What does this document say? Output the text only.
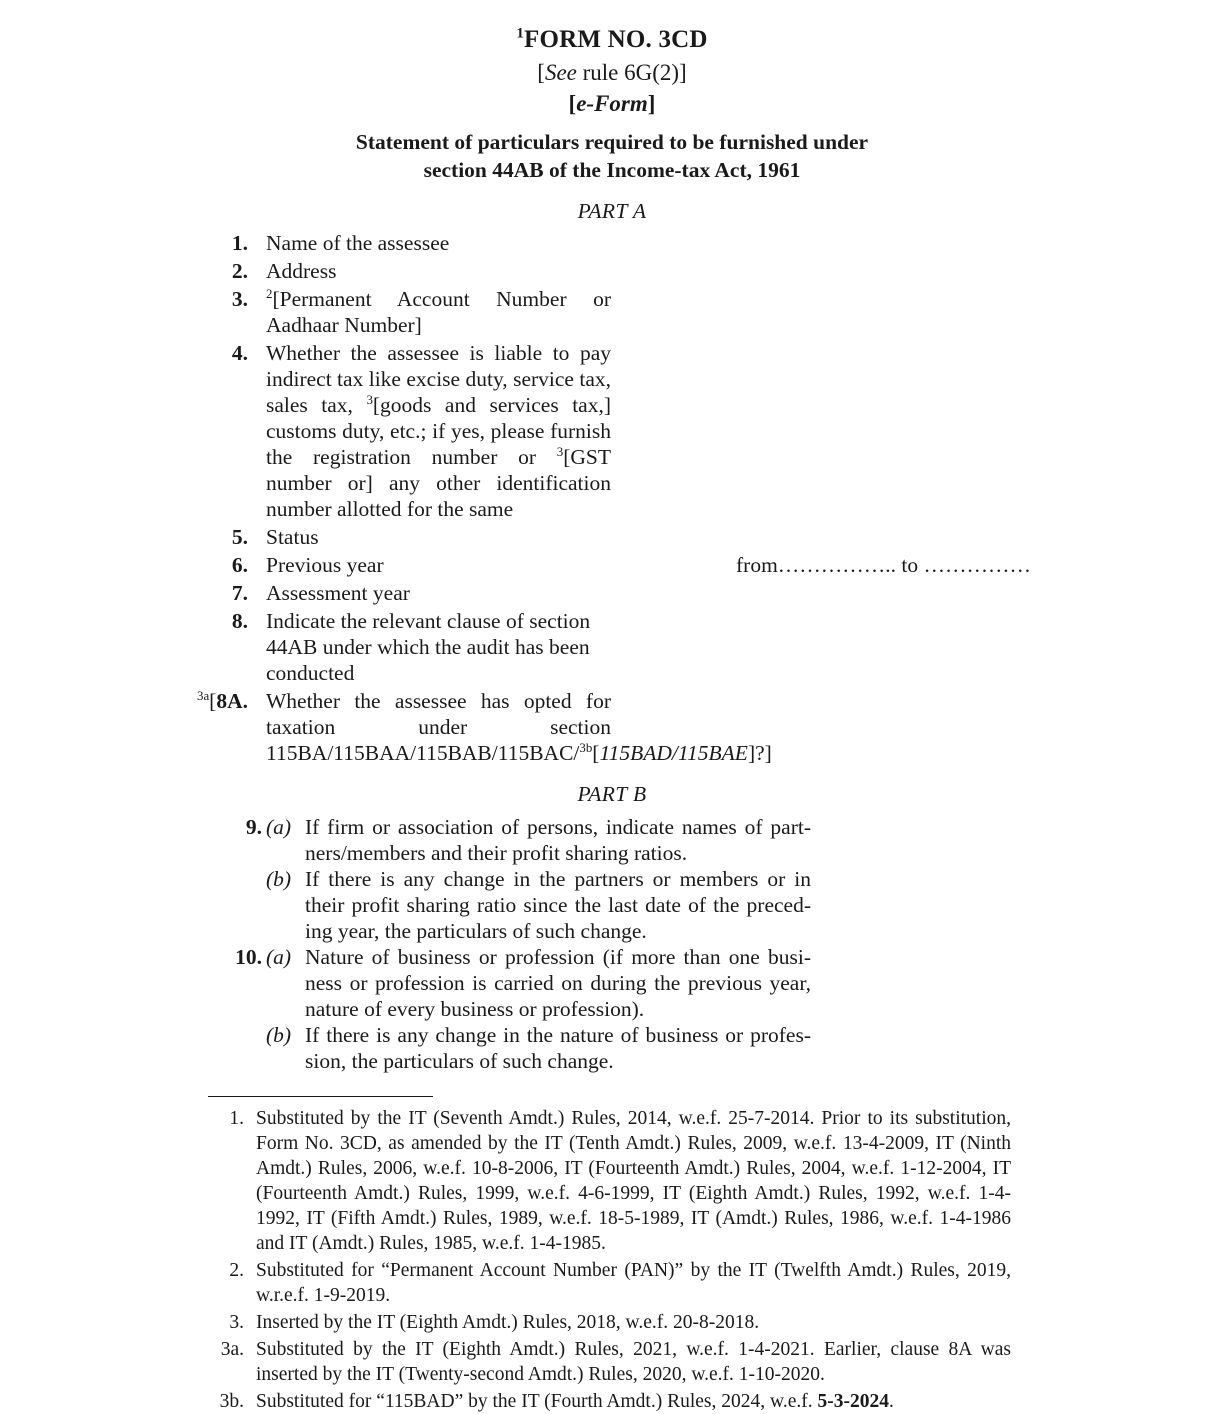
$^1$FORM NO. 3CD
[See rule 6G(2)]
[e-Form]
Statement of particulars required to be furnished under
section 44AB of the Income-tax Act, 1961
PART A
1. Name of the assessee
2. Address
3. $^2$[Permanent Account Number or Aadhaar Number]
4. Whether the assessee is liable to pay indirect tax like excise duty, service tax, sales tax, $^3$[goods and services tax,] customs duty, etc.; if yes, please furnish the registration number or $^3$[GST number or] any other identification number allotted for the same
5. Status
6. Previous year	from…………….. to ……………
7. Assessment year
8. Indicate the relevant clause of section 44AB under which the audit has been conducted
$^{3a}$[8A. Whether the assessee has opted for taxation under section 115BA/115BAA/115BAB/115BAC/$^{3b}$[115BAD/115BAE]?]
PART B
9. (a) If firm or association of persons, indicate names of part-ners/members and their profit sharing ratios.
(b) If there is any change in the partners or members or in their profit sharing ratio since the last date of the preced-ing year, the particulars of such change.
10. (a) Nature of business or profession (if more than one busi-ness or profession is carried on during the previous year, nature of every business or profession).
(b) If there is any change in the nature of business or profes-sion, the particulars of such change.
1. Substituted by the IT (Seventh Amdt.) Rules, 2014, w.e.f. 25-7-2014. Prior to its substitution, Form No. 3CD, as amended by the IT (Tenth Amdt.) Rules, 2009, w.e.f. 13-4-2009, IT (Ninth Amdt.) Rules, 2006, w.e.f. 10-8-2006, IT (Fourteenth Amdt.) Rules, 2004, w.e.f. 1-12-2004, IT (Fourteenth Amdt.) Rules, 1999, w.e.f. 4-6-1999, IT (Eighth Amdt.) Rules, 1992, w.e.f. 1-4-1992, IT (Fifth Amdt.) Rules, 1989, w.e.f. 18-5-1989, IT (Amdt.) Rules, 1986, w.e.f. 1-4-1986 and IT (Amdt.) Rules, 1985, w.e.f. 1-4-1985.
2. Substituted for “Permanent Account Number (PAN)” by the IT (Twelfth Amdt.) Rules, 2019, w.r.e.f. 1-9-2019.
3. Inserted by the IT (Eighth Amdt.) Rules, 2018, w.e.f. 20-8-2018.
3a. Substituted by the IT (Eighth Amdt.) Rules, 2021, w.e.f. 1-4-2021. Earlier, clause 8A was inserted by the IT (Twenty-second Amdt.) Rules, 2020, w.e.f. 1-10-2020.
3b. Substituted for “115BAD” by the IT (Fourth Amdt.) Rules, 2024, w.e.f. 5-3-2024.
